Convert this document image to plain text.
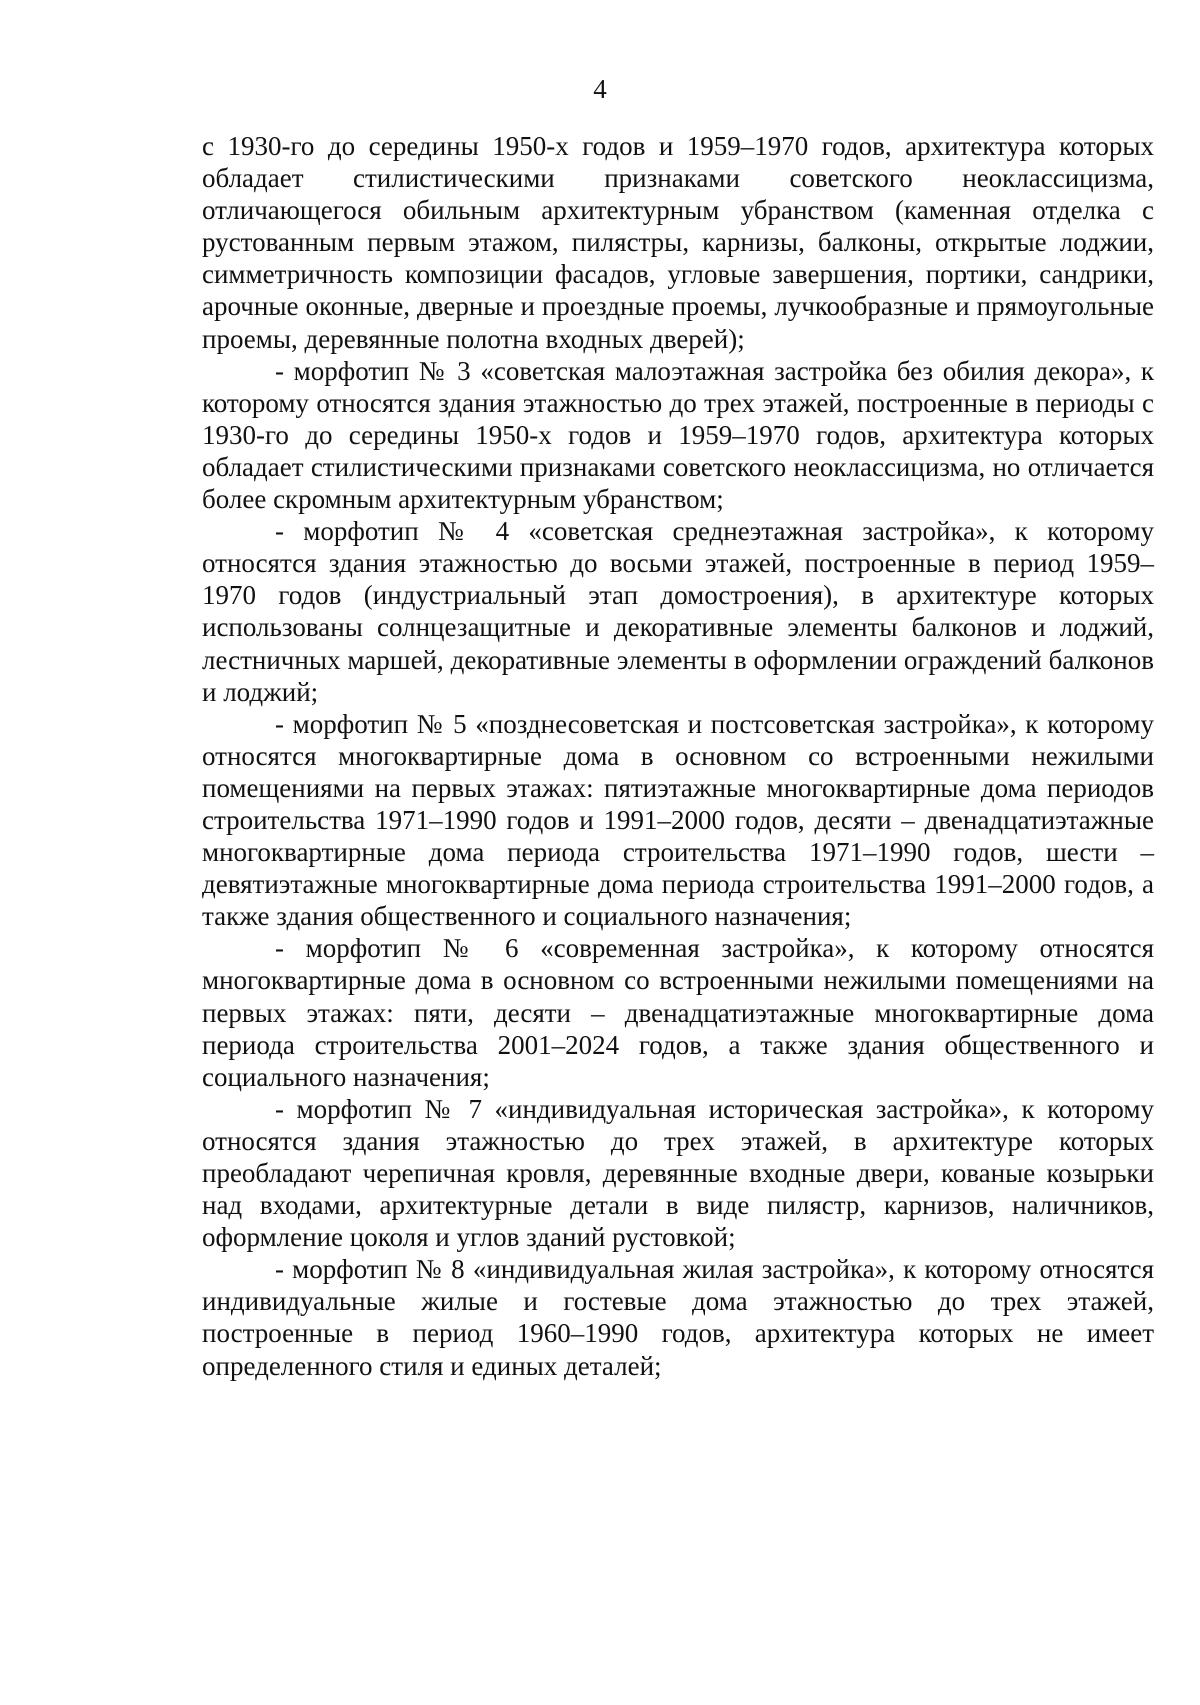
4

с 1930-го до середины 1950-х годов и 1959–1970 годов, архитектура которых обладает стилистическими признаками советского неоклассицизма, отличающегося обильным архитектурным убранством (каменная отделка с рустованным первым этажом, пилястры, карнизы, балконы, открытые лоджии, симметричность композиции фасадов, угловые завершения, портики, сандрики, арочные оконные, дверные и проездные проемы, лучкообразные и прямоугольные проемы, деревянные полотна входных дверей);

- морфотип № 3 «советская малоэтажная застройка без обилия декора», к которому относятся здания этажностью до трех этажей, построенные в периоды с 1930-го до середины 1950-х годов и 1959–1970 годов, архитектура которых обладает стилистическими признаками советского неоклассицизма, но отличается более скромным архитектурным убранством;

- морфотип № 4 «советская среднеэтажная застройка», к которому относятся здания этажностью до восьми этажей, построенные в период 1959–1970 годов (индустриальный этап домостроения), в архитектуре которых использованы солнцезащитные и декоративные элементы балконов и лоджий, лестничных маршей, декоративные элементы в оформлении ограждений балконов и лоджий;

- морфотип № 5 «позднесоветская и постсоветская застройка», к которому относятся многоквартирные дома в основном со встроенными нежилыми помещениями на первых этажах: пятиэтажные многоквартирные дома периодов строительства 1971–1990 годов и 1991–2000 годов, десяти – двенадцатиэтажные многоквартирные дома периода строительства 1971–1990 годов, шести – девятиэтажные многоквартирные дома периода строительства 1991–2000 годов, а также здания общественного и социального назначения;

- морфотип № 6 «современная застройка», к которому относятся многоквартирные дома в основном со встроенными нежилыми помещениями на первых этажах: пяти, десяти – двенадцатиэтажные многоквартирные дома периода строительства 2001–2024 годов, а также здания общественного и социального назначения;

- морфотип № 7 «индивидуальная историческая застройка», к которому относятся здания этажностью до трех этажей, в архитектуре которых преобладают черепичная кровля, деревянные входные двери, кованые козырьки над входами, архитектурные детали в виде пилястр, карнизов, наличников, оформление цоколя и углов зданий рустовкой;

- морфотип № 8 «индивидуальная жилая застройка», к которому относятся индивидуальные жилые и гостевые дома этажностью до трех этажей, построенные в период 1960–1990 годов, архитектура которых не имеет определенного стиля и единых деталей;
